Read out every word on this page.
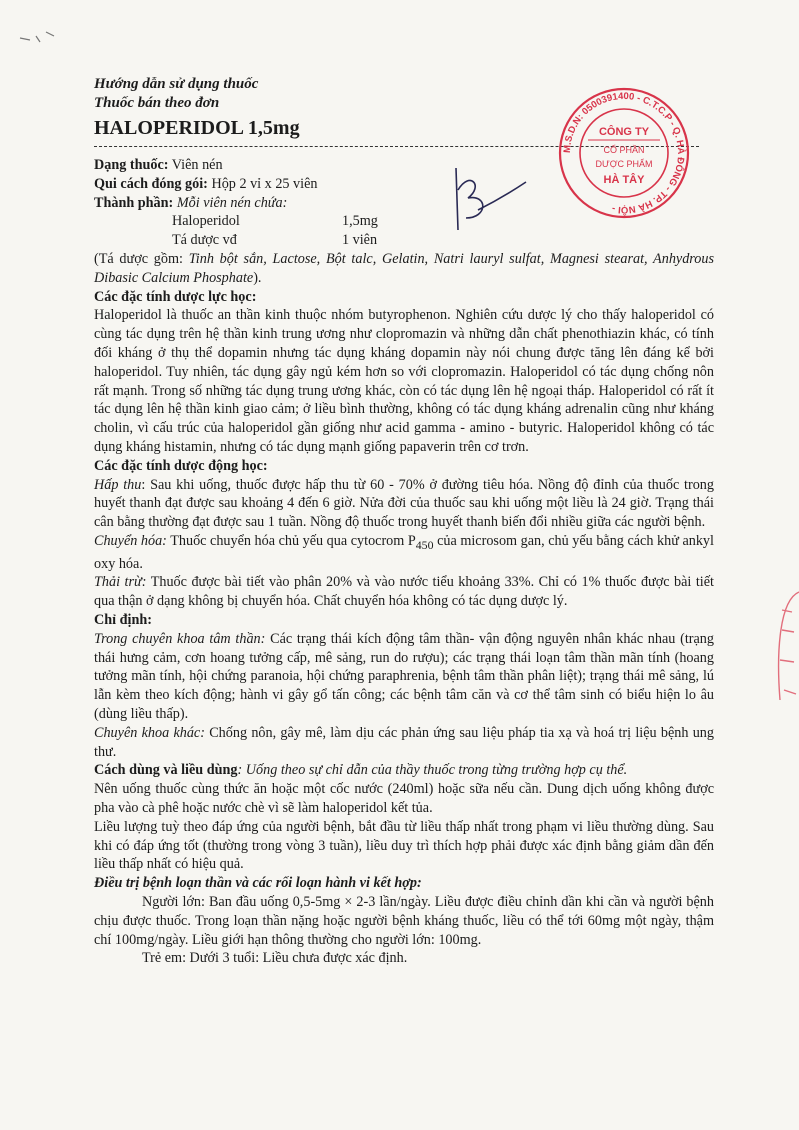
Hướng dẫn sử dụng thuốc
Thuốc bán theo đơn
HALOPERIDOL 1,5mg
M.S.D.N: 0500391400 - C.T.C.P - Q. HÀ ĐÔNG - TP. HÀ NỘI -
CÔNG TY
CỔ PHẦN
DƯỢC PHẨM
HÀ TÂY

Dạng thuốc: Viên nén

Qui cách đóng gói: Hộp 2 vỉ x 25 viên

Thành phần: Mỗi viên nén chứa:

Haloperidol	1,5mg
Tá dược vđ	1 viên

(Tá dược gồm: Tinh bột sắn, Lactose, Bột talc, Gelatin, Natri lauryl sulfat, Magnesi stearat, Anhydrous Dibasic Calcium Phosphate).

Các đặc tính dược lực học:

Haloperidol là thuốc an thần kinh thuộc nhóm butyrophenon. Nghiên cứu dược lý cho thấy haloperidol có cùng tác dụng trên hệ thần kinh trung ương như clopromazin và những dẫn chất phenothiazin khác, có tính đối kháng ở thụ thể dopamin nhưng tác dụng kháng dopamin này nói chung được tăng lên đáng kể bởi haloperidol. Tuy nhiên, tác dụng gây ngủ kém hơn so với clopromazin. Haloperidol có tác dụng chống nôn rất mạnh. Trong số những tác dụng trung ương khác, còn có tác dụng lên hệ ngoại tháp. Haloperidol có rất ít tác dụng lên hệ thần kinh giao cảm; ở liều bình thường, không có tác dụng kháng adrenalin cũng như kháng cholin, vì cấu trúc của haloperidol gần giống như acid gamma - amino - butyric. Haloperidol không có tác dụng kháng histamin, nhưng có tác dụng mạnh giống papaverin trên cơ trơn.

Các đặc tính dược động học:

Hấp thu: Sau khi uống, thuốc được hấp thu từ 60 - 70% ở đường tiêu hóa. Nồng độ đỉnh của thuốc trong huyết thanh đạt được sau khoảng 4 đến 6 giờ. Nửa đời của thuốc sau khi uống một liều là 24 giờ. Trạng thái cân bằng thường đạt được sau 1 tuần. Nồng độ thuốc trong huyết thanh biến đổi nhiều giữa các người bệnh.

Chuyển hóa: Thuốc chuyển hóa chủ yếu qua cytocrom $P_{450}$ của microsom gan, chủ yếu bằng cách khử ankyl oxy hóa.

Thải trừ: Thuốc được bài tiết vào phân 20% và vào nước tiểu khoảng 33%. Chỉ có 1% thuốc được bài tiết qua thận ở dạng không bị chuyển hóa. Chất chuyển hóa không có tác dụng dược lý.

Chỉ định:

Trong chuyên khoa tâm thần: Các trạng thái kích động tâm thần- vận động nguyên nhân khác nhau (trạng thái hưng cảm, cơn hoang tưởng cấp, mê sảng, run do rượu); các trạng thái loạn tâm thần mãn tính (hoang tưởng mãn tính, hội chứng paranoia, hội chứng paraphrenia, bệnh tâm thần phân liệt); trạng thái mê sảng, lú lẫn kèm theo kích động; hành vi gây gổ tấn công; các bệnh tâm căn và cơ thể tâm sinh có biểu hiện lo âu (dùng liều thấp).

Chuyên khoa khác: Chống nôn, gây mê, làm dịu các phản ứng sau liệu pháp tia xạ và hoá trị liệu bệnh ung thư.

Cách dùng và liều dùng: Uống theo sự chỉ dẫn của thầy thuốc trong từng trường hợp cụ thể.

Nên uống thuốc cùng thức ăn hoặc một cốc nước (240ml) hoặc sữa nếu cần. Dung dịch uống không được pha vào cà phê hoặc nước chè vì sẽ làm haloperidol kết tủa.

Liều lượng tuỳ theo đáp ứng của người bệnh, bắt đầu từ liều thấp nhất trong phạm vi liều thường dùng. Sau khi có đáp ứng tốt (thường trong vòng 3 tuần), liều duy trì thích hợp phải được xác định bằng giảm dần đến liều thấp nhất có hiệu quả.

Điều trị bệnh loạn thần và các rối loạn hành vi kết hợp:

Người lớn: Ban đầu uống 0,5-5mg × 2-3 lần/ngày. Liều được điều chỉnh dần khi cần và người bệnh chịu được thuốc. Trong loạn thần nặng hoặc người bệnh kháng thuốc, liều có thể tới 60mg một ngày, thậm chí 100mg/ngày. Liều giới hạn thông thường cho người lớn: 100mg.

Trẻ em: Dưới 3 tuổi: Liều chưa được xác định.
